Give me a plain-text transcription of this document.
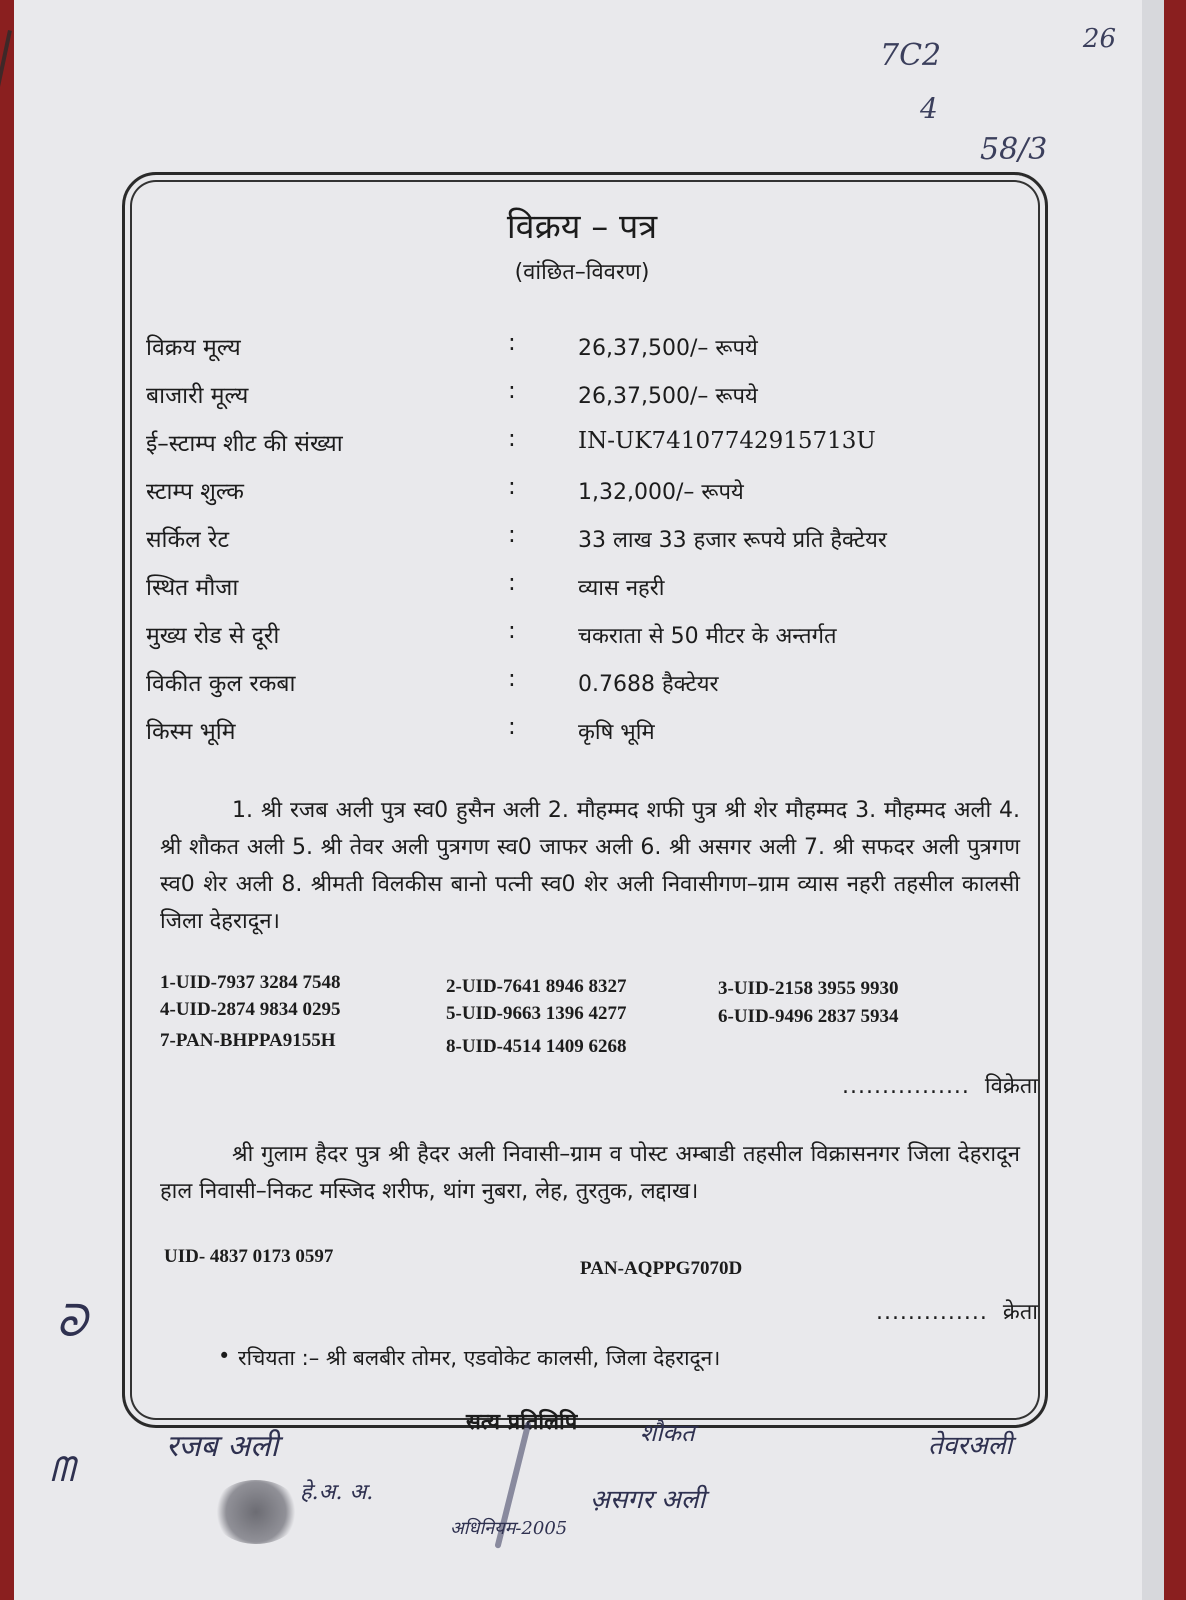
26
7C2
4
58/3
विक्रय – पत्र
(वांछित–विवरण)
विक्रय मूल्य	:	26,37,500/– रूपये
बाजारी मूल्य	:	26,37,500/– रूपये
ई–स्टाम्प शीट की संख्या	:	IN-UK74107742915713U
स्टाम्प शुल्क	:	1,32,000/– रूपये
सर्किल रेट	:	33 लाख 33 हजार रूपये प्रति हैक्टेयर
स्थित मौजा	:	व्यास नहरी
मुख्य रोड से दूरी	:	चकराता से 50 मीटर के अन्तर्गत
विकीत कुल रकबा	:	0.7688 हैक्टेयर
किस्म भूमि	:	कृषि भूमि
1. श्री रजब अली पुत्र स्व0 हुसैन अली 2. मौहम्मद शफी पुत्र श्री शेर मौहम्मद 3. मौहम्मद अली 4. श्री शौकत अली 5. श्री तेवर अली पुत्रगण स्व0 जाफर अली 6. श्री असगर अली 7. श्री सफदर अली पुत्रगण स्व0 शेर अली 8. श्रीमती विलकीस बानो पत्नी स्व0 शेर अली निवासीगण–ग्राम व्यास नहरी तहसील कालसी जिला देहरादून।
1-UID-7937 3284 7548	2-UID-7641 8946 8327	3-UID-2158 3955 9930
4-UID-2874 9834 0295	5-UID-9663 1396 4277	6-UID-9496 2837 5934
7-PAN-BHPPA9155H	8-UID-4514 1409 6268
................ विक्रेता
श्री गुलाम हैदर पुत्र श्री हैदर अली निवासी–ग्राम व पोस्ट अम्बाडी तहसील विक्रासनगर जिला देहरादून हाल निवासी–निकट मस्जिद शरीफ, थांग नुबरा, लेह, तुरतुक, लद्दाख।
UID- 4837 0173 0597
PAN-AQPPG7070D
.............. क्रेता
• रचियता :– श्री बलबीर तोमर, एडवोकेट कालसी, जिला देहरादून।
सत्य प्रतिलिपि
रजब अली	तेवरअली
हे.अ. अ.	अ़सगर अली
अधिनियम-2005
शौकत
ᘐ
ᗰ
